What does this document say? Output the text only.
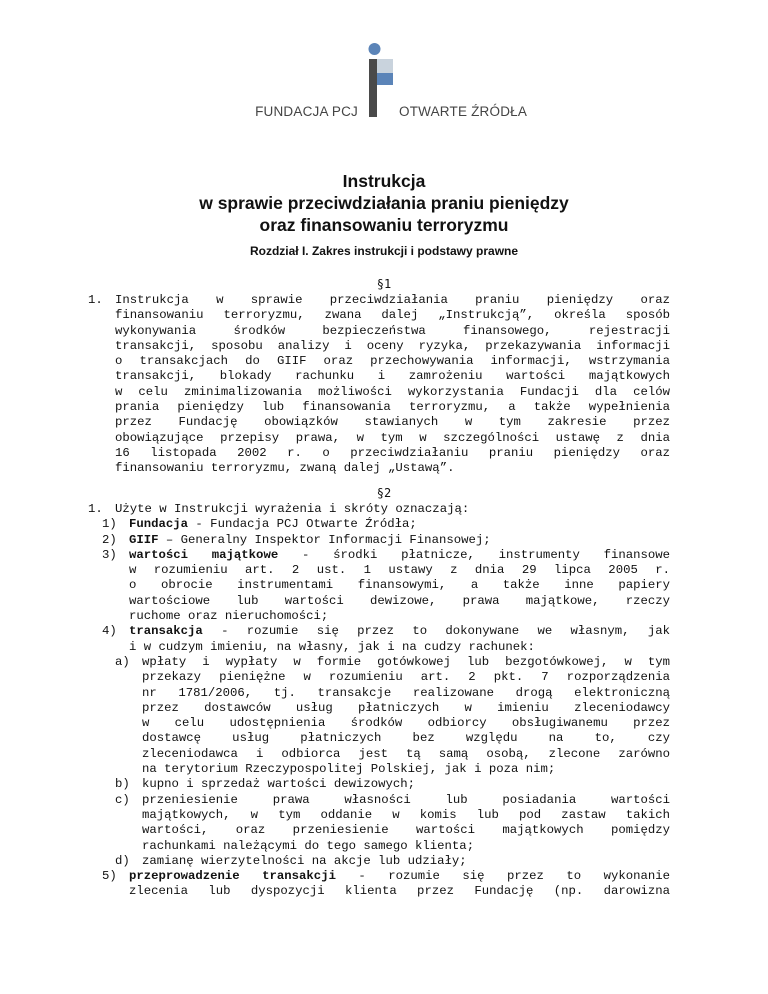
FUNDACJA PCJ	OTWARTE ŹRÓDŁA
Instrukcja
w sprawie przeciwdziałania praniu pieniędzy
oraz finansowaniu terroryzmu
Rozdział I. Zakres instrukcji i podstawy prawne
§1
1. Instrukcja w sprawie przeciwdziałania praniu pieniędzy oraz
finansowaniu terroryzmu, zwana dalej „Instrukcją”, określa sposób
wykonywania środków bezpieczeństwa finansowego, rejestracji
transakcji, sposobu analizy i oceny ryzyka, przekazywania informacji
o transakcjach do GIIF oraz przechowywania informacji, wstrzymania
transakcji, blokady rachunku i zamrożeniu wartości majątkowych
w celu zminimalizowania możliwości wykorzystania Fundacji dla celów
prania pieniędzy lub finansowania terroryzmu, a także wypełnienia
przez Fundację obowiązków stawianych w tym zakresie przez
obowiązujące przepisy prawa, w tym w szczególności ustawę z dnia
16 listopada 2002 r. o przeciwdziałaniu praniu pieniędzy oraz
finansowaniu terroryzmu, zwaną dalej „Ustawą”.
§2
1. Użyte w Instrukcji wyrażenia i skróty oznaczają:
1) Fundacja - Fundacja PCJ Otwarte Źródła;
2) GIIF – Generalny Inspektor Informacji Finansowej;
3) wartości majątkowe - środki płatnicze, instrumenty finansowe
w rozumieniu art. 2 ust. 1 ustawy z dnia 29 lipca 2005 r.
o obrocie instrumentami finansowymi, a także inne papiery
wartościowe lub wartości dewizowe, prawa majątkowe, rzeczy
ruchome oraz nieruchomości;
4) transakcja - rozumie się przez to dokonywane we własnym, jak
i w cudzym imieniu, na własny, jak i na cudzy rachunek:
a) wpłaty i wypłaty w formie gotówkowej lub bezgotówkowej, w tym
przekazy pieniężne w rozumieniu art. 2 pkt. 7 rozporządzenia
nr 1781/2006, tj. transakcje realizowane drogą elektroniczną
przez dostawców usług płatniczych w imieniu zleceniodawcy
w celu udostępnienia środków odbiorcy obsługiwanemu przez
dostawcę usług płatniczych bez względu na to, czy
zleceniodawca i odbiorca jest tą samą osobą, zlecone zarówno
na terytorium Rzeczypospolitej Polskiej, jak i poza nim;
b) kupno i sprzedaż wartości dewizowych;
c) przeniesienie prawa własności lub posiadania wartości
majątkowych, w tym oddanie w komis lub pod zastaw takich
wartości, oraz przeniesienie wartości majątkowych pomiędzy
rachunkami należącymi do tego samego klienta;
d) zamianę wierzytelności na akcje lub udziały;
5) przeprowadzenie transakcji - rozumie się przez to wykonanie
zlecenia lub dyspozycji klienta przez Fundację (np. darowizna
